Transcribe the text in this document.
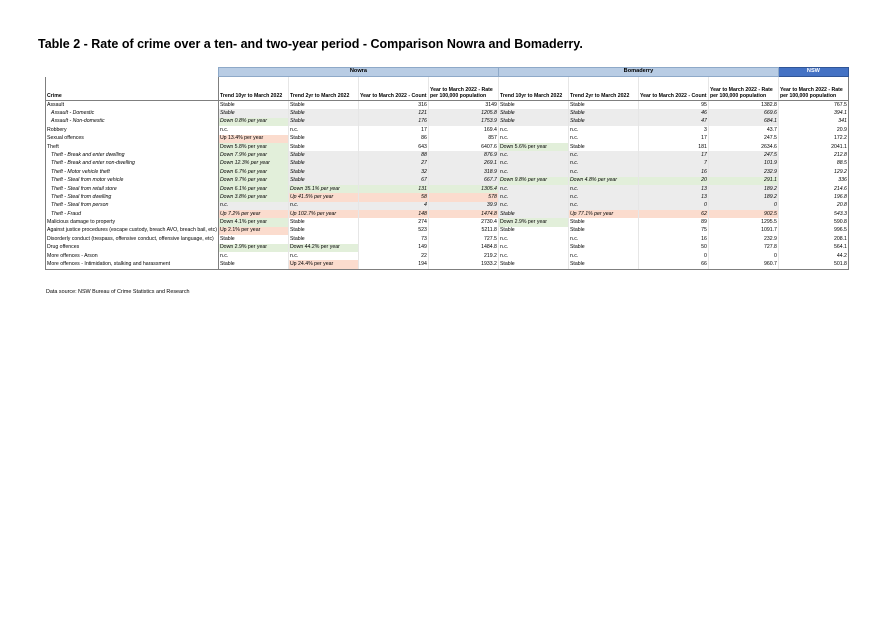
Table 2 - Rate of crime over a ten- and two-year period - Comparison Nowra and Bomaderry.
	Nowra				Bomaderry				NSW
Crime	Trend 10yr to March 2022	Trend 2yr to March 2022	Year to March 2022 - Count	Year to March 2022 - Rate per 100,000 population	Trend 10yr to March 2022	Trend 2yr to March 2022	Year to March 2022 - Count	Year to March 2022 - Rate per 100,000 population	Year to March 2022 - Rate per 100,000 population
Assault	Stable	Stable	316	3149	Stable	Stable	95	1382.8	767.5
Assault - Domestic	Stable	Stable	121	1205.8	Stable	Stable	46	669.6	394.1
Assault - Non-domestic	Down 0.8% per year	Stable	176	1753.9	Stable	Stable	47	684.1	341
Robbery	n.c.	n.c.	17	169.4	n.c.	n.c.	3	43.7	20.9
Sexual offences	Up 13.4% per year	Stable	86	857	n.c.	n.c.	17	247.5	172.2
Theft	Down 5.8% per year	Stable	643	6407.6	Down 5.6% per year	Stable	181	2634.6	2041.1
Theft - Break and enter dwelling	Down 7.9% per year	Stable	88	876.9	n.c.	n.c.	17	247.5	212.8
Theft - Break and enter non-dwelling	Down 12.3% per year	Stable	27	269.1	n.c.	n.c.	7	101.9	88.5
Theft - Motor vehicle theft	Down 6.7% per year	Stable	32	318.9	n.c.	n.c.	16	232.9	129.2
Theft - Steal from motor vehicle	Down 9.7% per year	Stable	67	667.7	Down 9.8% per year	Down 4.8% per year	20	291.1	336
Theft - Steal from retail store	Down 6.1% per year	Down 35.1% per year	131	1305.4	n.c.	n.c.	13	189.2	214.6
Theft - Steal from dwelling	Down 3.8% per year	Up 41.5% per year	58	578	n.c.	n.c.	13	189.2	196.8
Theft - Steal from person	n.c.	n.c.	4	39.9	n.c.	n.c.	0	0	20.8
Theft - Fraud	Up 7.2% per year	Up 102.7% per year	148	1474.8	Stable	Up 77.1% per year	62	902.5	543.3
Malicious damage to property	Down 4.1% per year	Stable	274	2730.4	Down 2.9% per year	Stable	89	1295.5	590.8
Against justice procedures (escape custody, breach AVO, breach bail, etc)	Up 2.1% per year	Stable	523	5211.8	Stable	Stable	75	1091.7	996.5
Disorderly conduct (trespass, offensive conduct, offensive language, etc)	Stable	Stable	73	727.5	n.c.	n.c.	16	232.9	208.1
Drug offences	Down 2.9% per year	Down 44.2% per year	149	1484.8	n.c.	Stable	50	727.8	564.1
More offences - Arson	n.c.	n.c.	22	219.2	n.c.	n.c.	0	0	44.2
More offences - Intimidation, stalking and harassment	Stable	Up 24.4% per year	194	1933.2	Stable	Stable	66	960.7	501.8
Data source: NSW Bureau of Crime Statistics and Research
